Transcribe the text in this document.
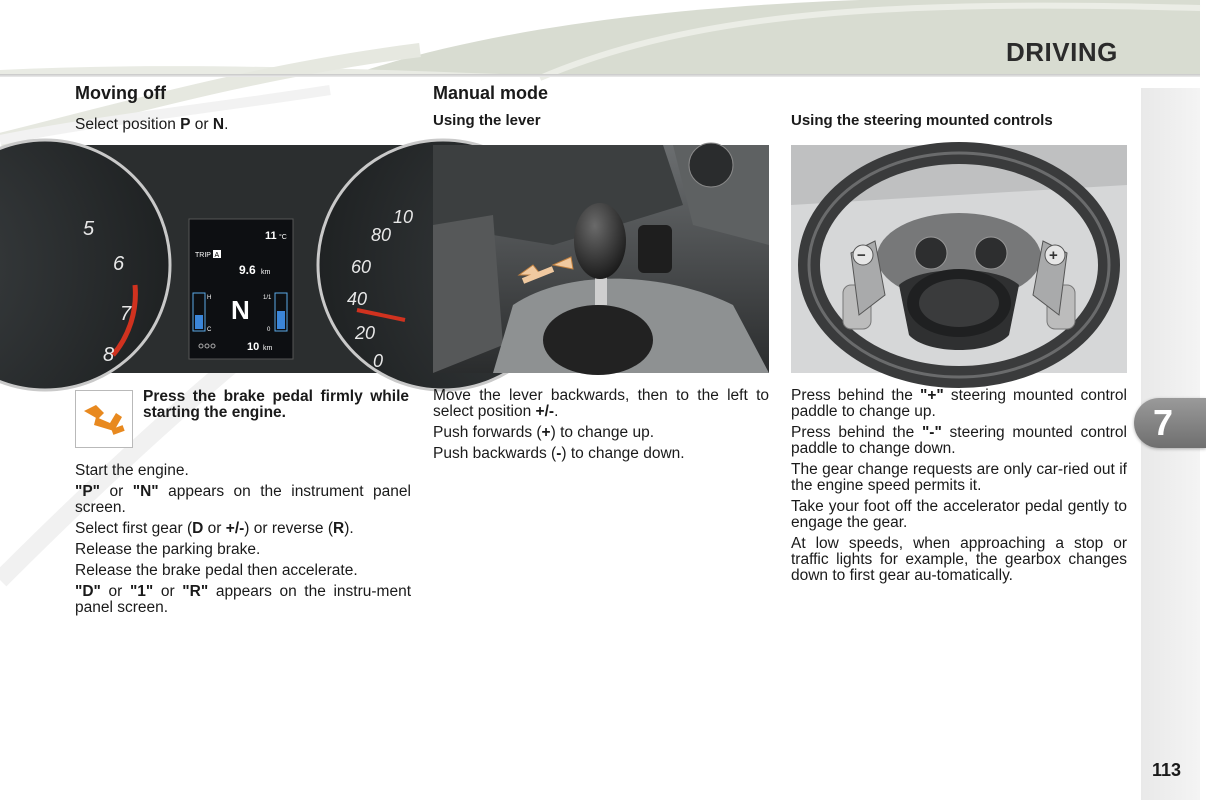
DRIVING
7
113
Moving off
Select position P or N.
5
6
7
8
10
80
60
40
20
0
11 °C
TRIP A
9.6 km
H
C
1/1
0
N
10 km
Press the brake pedal firmly while starting the engine.

Start the engine.

"P" or "N" appears on the instrument panel screen.

Select first gear (D or +/-) or reverse (R).

Release the parking brake.

Release the brake pedal then accelerate.

"D" or "1" or "R" appears on the instru-ment panel screen.

Manual mode
Using the lever

Move the lever backwards, then to the left to select position +/-.

Push forwards (+) to change up.

Push backwards (-) to change down.

Using the steering mounted controls
−	+

Press behind the "+" steering mounted control paddle to change up.

Press behind the "-" steering mounted control paddle to change down.

The gear change requests are only car-ried out if the engine speed permits it.

Take your foot off the accelerator pedal gently to engage the gear.

At low speeds, when approaching a stop or traffic lights for example, the gearbox changes down to first gear au-tomatically.
